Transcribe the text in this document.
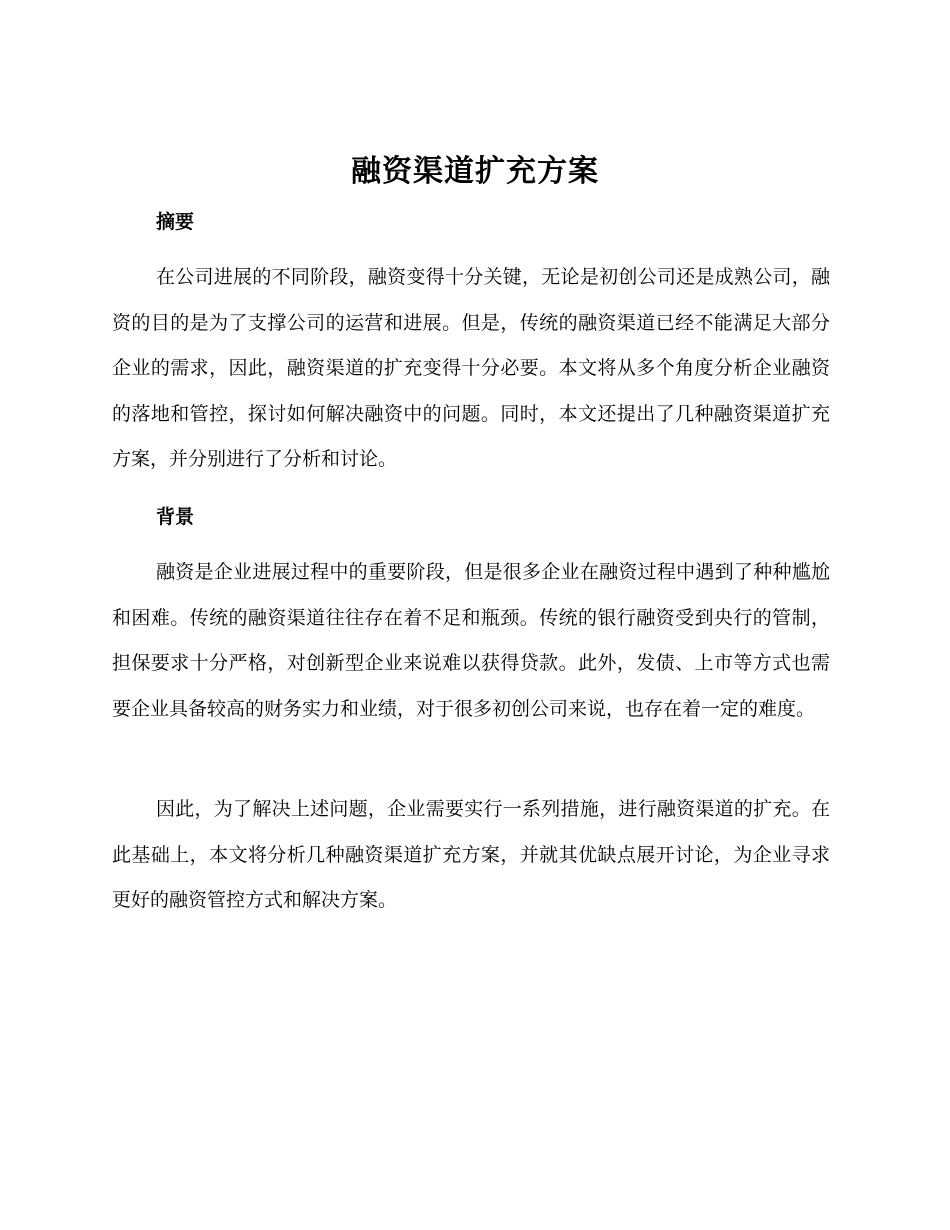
融资渠道扩充方案
摘要

在公司进展的不同阶段，融资变得十分关键，无论是初创公司还是成熟公司，融资的目的是为了支撑公司的运营和进展。但是，传统的融资渠道已经不能满足大部分企业的需求，因此，融资渠道的扩充变得十分必要。本文将从多个角度分析企业融资的落地和管控，探讨如何解决融资中的问题。同时，本文还提出了几种融资渠道扩充方案，并分别进行了分析和讨论。

背景

融资是企业进展过程中的重要阶段，但是很多企业在融资过程中遇到了种种尴尬和困难。传统的融资渠道往往存在着不足和瓶颈。传统的银行融资受到央行的管制，担保要求十分严格，对创新型企业来说难以获得贷款。此外，发债、上市等方式也需要企业具备较高的财务实力和业绩，对于很多初创公司来说，也存在着一定的难度。

因此，为了解决上述问题，企业需要实行一系列措施，进行融资渠道的扩充。在此基础上，本文将分析几种融资渠道扩充方案，并就其优缺点展开讨论，为企业寻求更好的融资管控方式和解决方案。
